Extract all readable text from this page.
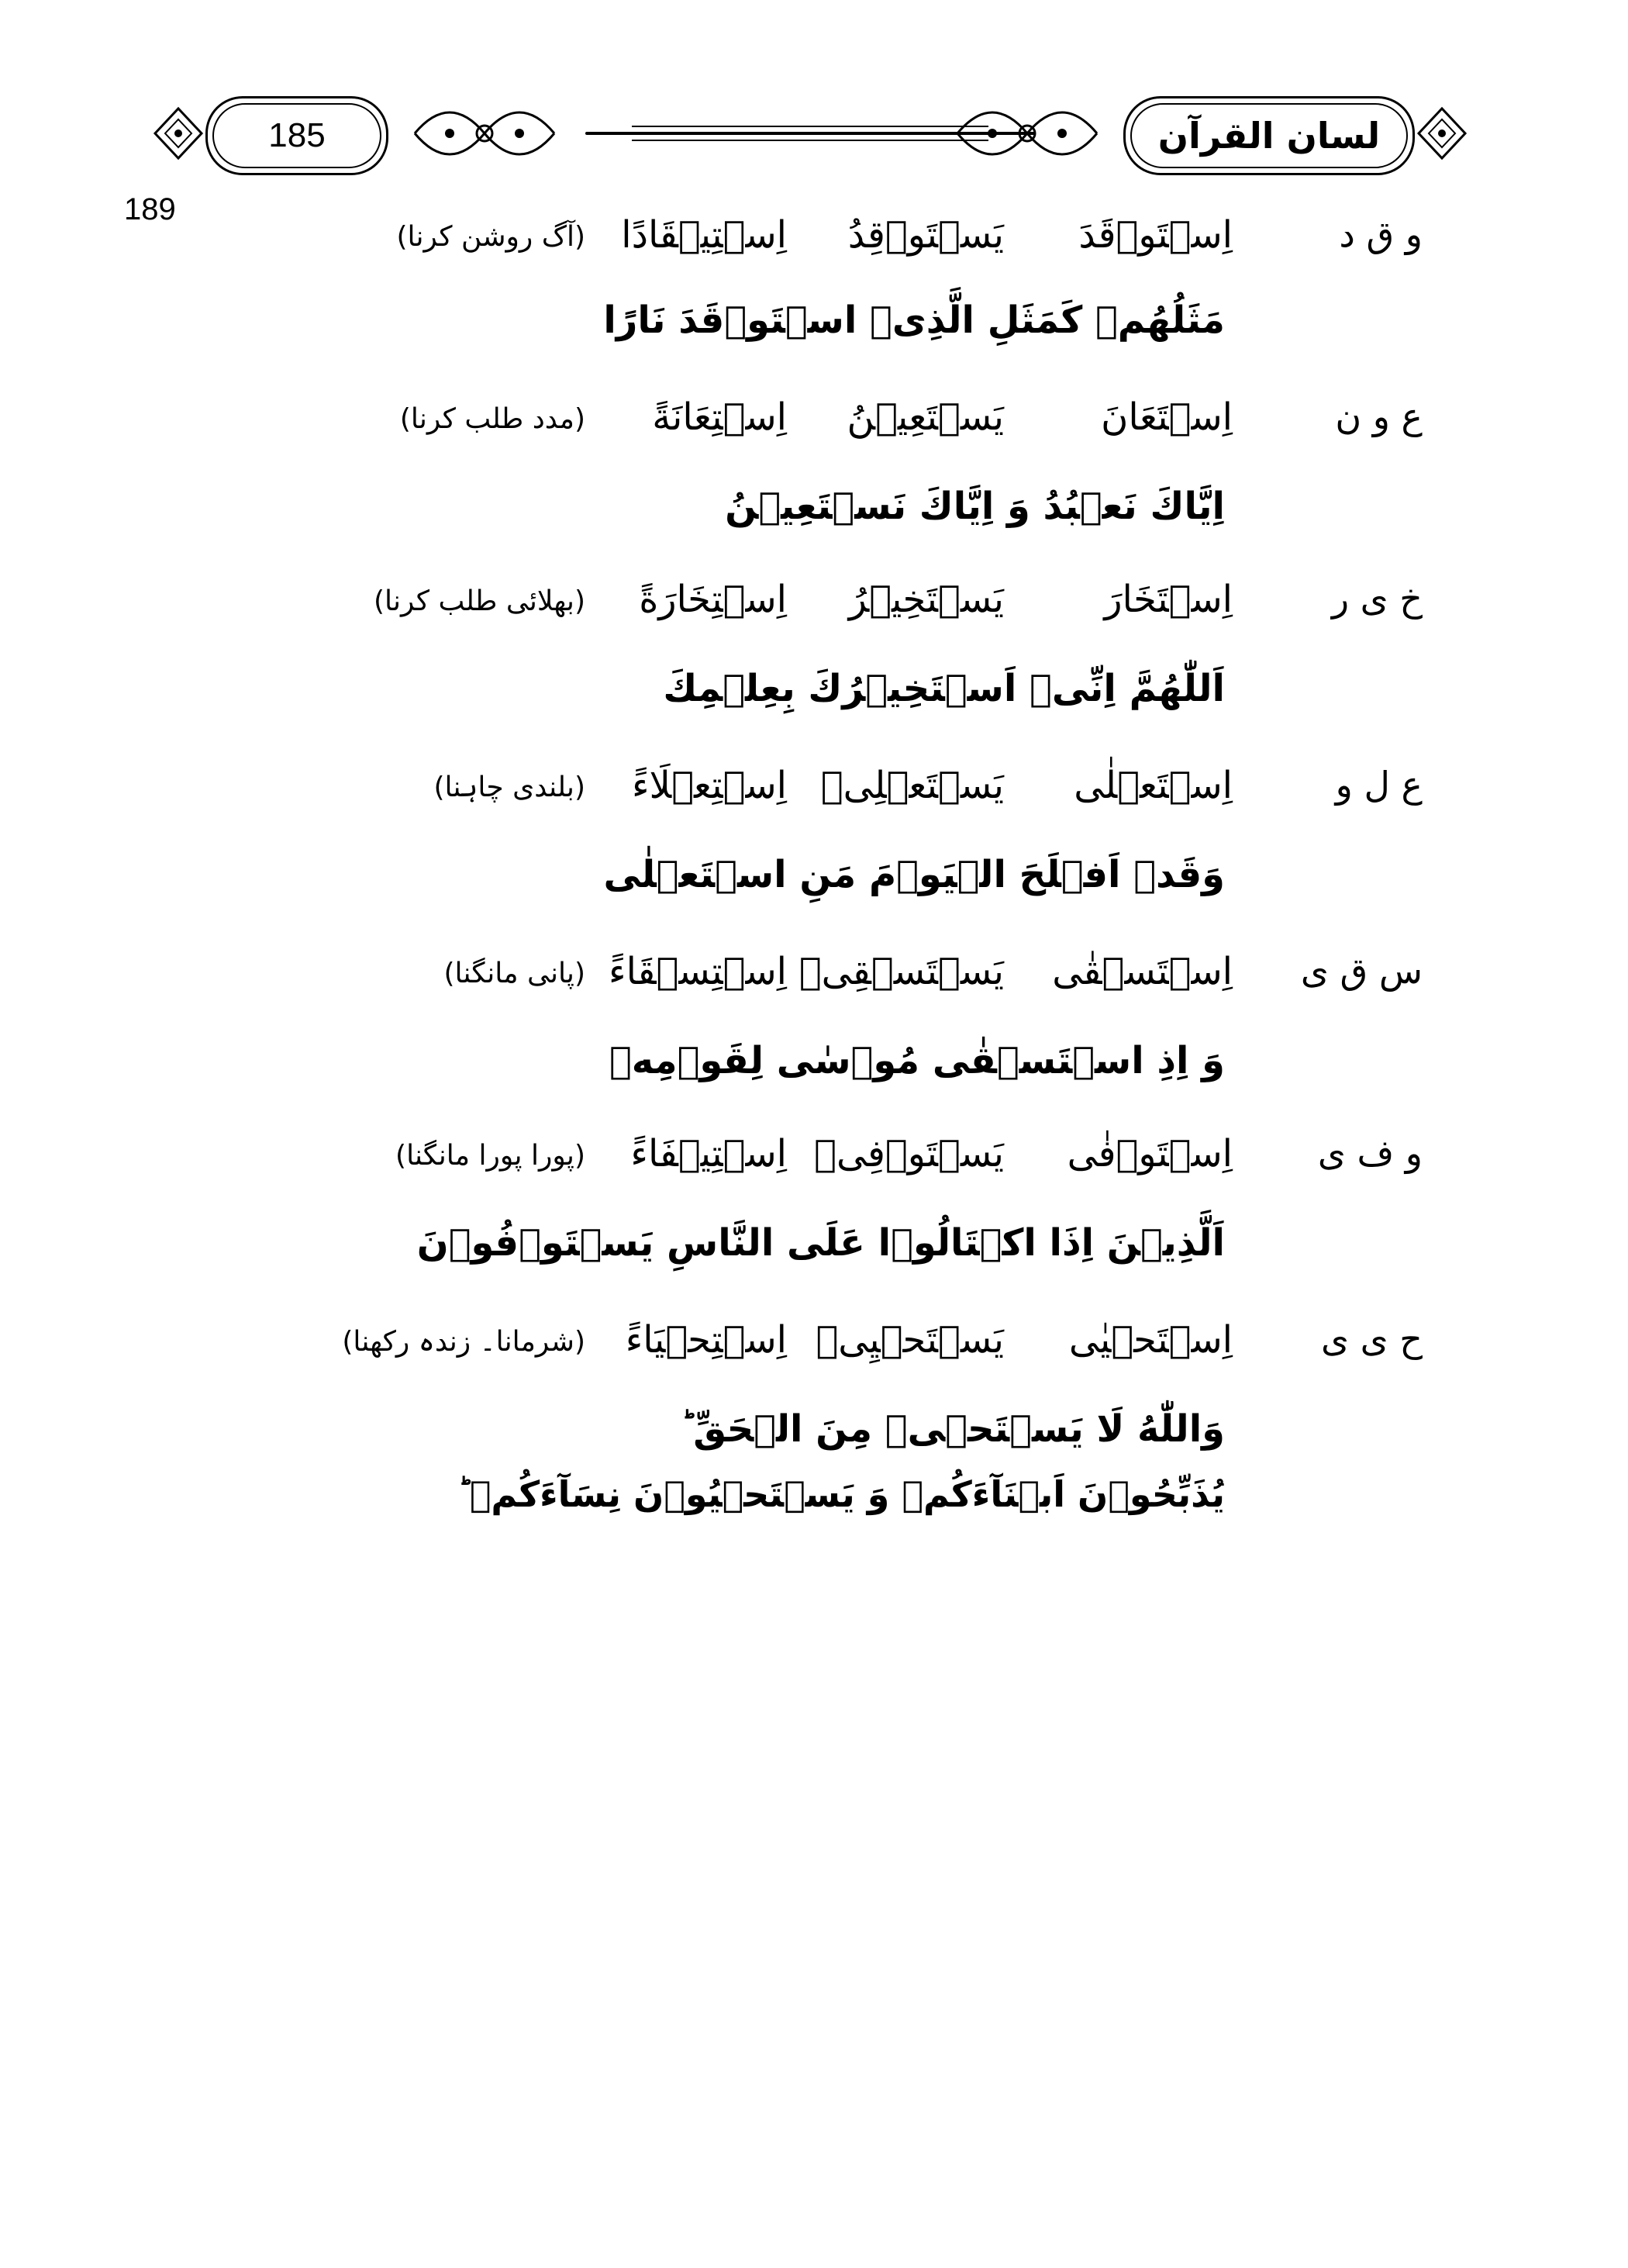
185	لسان القرآن
189
و ق د
اِسۡتَوۡقَدَ
یَسۡتَوۡقِدُ
اِسۡتِیۡقَادًا
(آگ روشن کرنا)
مَثَلُهُمۡ كَمَثَلِ الَّذِیۡ اسۡتَوۡقَدَ نَارًا
ع و ن
اِسۡتَعَانَ
یَسۡتَعِیۡنُ
اِسۡتِعَانَةً
(مدد طلب کرنا)
اِیَّاكَ نَعۡبُدُ وَ اِیَّاكَ نَسۡتَعِیۡنُ
خ ی ر
اِسۡتَخَارَ
یَسۡتَخِیۡرُ
اِسۡتِخَارَةً
(بھلائی طلب کرنا)
اَللّٰهُمَّ اِنِّیۡ اَسۡتَخِیۡرُكَ بِعِلۡمِكَ
ع ل و
اِسۡتَعۡلٰی
یَسۡتَعۡلِیۡ
اِسۡتِعۡلَاءً
(بلندی چاہنا)
وَقَدۡ اَفۡلَحَ الۡیَوۡمَ مَنِ اسۡتَعۡلٰی
س ق ی
اِسۡتَسۡقٰی
یَسۡتَسۡقِیۡ
اِسۡتِسۡقَاءً
(پانی مانگنا)
وَ اِذِ اسۡتَسۡقٰی مُوۡسٰی لِقَوۡمِهٖ
و ف ی
اِسۡتَوۡفٰی
یَسۡتَوۡفِیۡ
اِسۡتِیۡفَاءً
(پورا پورا مانگنا)
اَلَّذِیۡنَ اِذَا اكۡتَالُوۡا عَلَی النَّاسِ یَسۡتَوۡفُوۡنَ
ح ی ی
اِسۡتَحۡیٰی
یَسۡتَحۡیِیۡ
اِسۡتِحۡیَاءً
(شرمانا۔ زندہ رکھنا)
وَاللّٰهُ لَا یَسۡتَحۡیٖ مِنَ الۡحَقِّ ؕ
یُذَبِّحُوۡنَ اَبۡنَآءَكُمۡ وَ یَسۡتَحۡیُوۡنَ نِسَآءَكُمۡ ؕ
